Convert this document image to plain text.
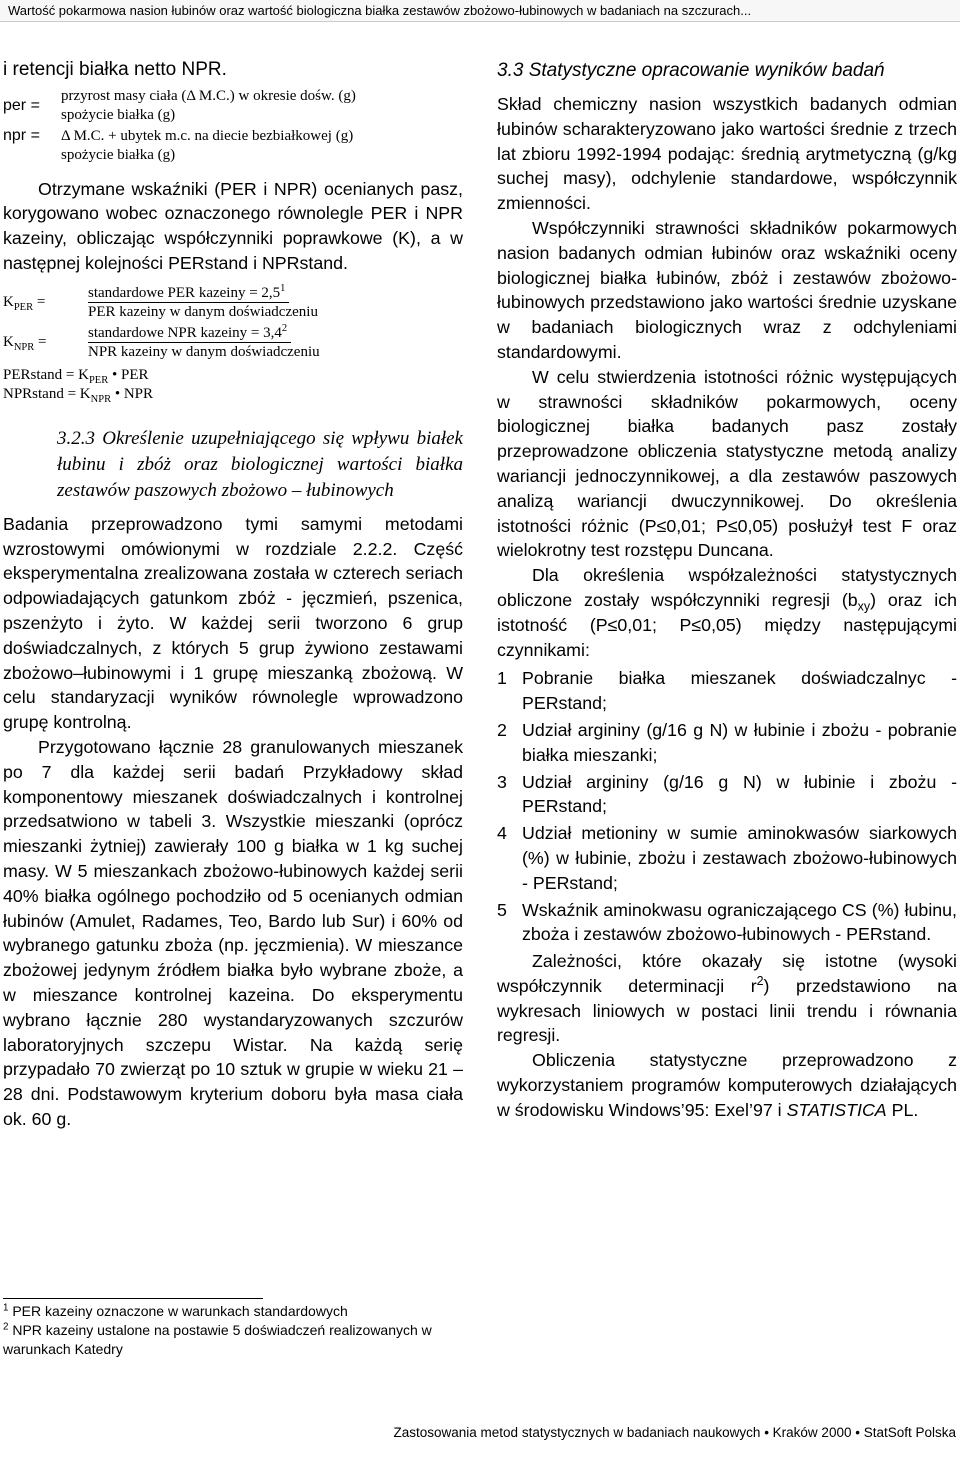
Wartość pokarmowa nasion łubinów oraz wartość biologiczna białka zestawów zbożowo-łubinowych w badaniach na szczurach...

i retencji białka netto NPR.

per =
przyrost masy ciała (Δ M.C.) w okresie dośw. (g)
spożycie białka (g)
npr = Δ M.C. + ubytek m.c. na diecie bezbiałkowej (g)
spożycie białka (g)

Otrzymane wskaźniki (PER i NPR) ocenianych pasz, korygowano wobec oznaczonego równolegle PER i NPR kazeiny, obliczając współczynniki poprawkowe (K), a w następnej kolejności PERstand i NPRstand.

$K_{PER}$ =
standardowe PER kazeiny = $2,5^1$
PER kazeiny w danym doświadczeniu
$K_{NPR}$ =
standardowe NPR kazeiny = $3,4^2$
NPR kazeiny w danym doświadczeniu

PERstand = $K_{PER}$ • PER

NPRstand = $K_{NPR}$ • NPR

3.2.3 Określenie uzupełniającego się wpływu białek łubinu i zbóż oraz biologicznej wartości białka zestawów paszowych zbożowo – łubinowych

Badania przeprowadzono tymi samymi metodami wzrostowymi omówionymi w rozdziale 2.2.2. Część eksperymentalna zrealizowana została w czterech seriach odpowiadających gatunkom zbóż - jęczmień, pszenica, pszenżyto i żyto. W każdej serii tworzono 6 grup doświadczalnych, z których 5 grup żywiono zestawami zbożowo–łubinowymi i 1 grupę mieszanką zbożową. W celu standaryzacji wyników równolegle wprowadzono grupę kontrolną.

Przygotowano łącznie 28 granulowanych mieszanek po 7 dla każdej serii badań Przykładowy skład komponentowy mieszanek doświadczalnych i kontrolnej przedsatwiono w tabeli 3. Wszystkie mieszanki (oprócz mieszanki żytniej) zawierały 100 g białka w 1 kg suchej masy. W 5 mieszankach zbożowo-łubinowych każdej serii 40% białka ogólnego pochodziło od 5 ocenianych odmian łubinów (Amulet, Radames, Teo, Bardo lub Sur) i 60% od wybranego gatunku zboża (np. jęczmienia). W mieszance zbożowej jedynym źródłem białka było wybrane zboże, a w mieszance kontrolnej kazeina. Do eksperymentu wybrano łącznie 280 wystandaryzowanych szczurów laboratoryjnych szczepu Wistar. Na każdą serię przypadało 70 zwierząt po 10 sztuk w grupie w wieku 21 – 28 dni. Podstawowym kryterium doboru była masa ciała ok. 60 g.

$^1$ PER kazeiny oznaczone w warunkach standardowych

$^2$ NPR kazeiny ustalone na postawie 5 doświadczeń realizowanych w warunkach Katedry

3.3 Statystyczne opracowanie wyników badań

Skład chemiczny nasion wszystkich badanych odmian łubinów scharakteryzowano jako wartości średnie z trzech lat zbioru 1992-1994 podając: średnią arytmetyczną (g/kg suchej masy), odchylenie standardowe, współczynnik zmienności.

Współczynniki strawności składników pokarmowych nasion badanych odmian łubinów oraz wskaźniki oceny biologicznej białka łubinów, zbóż i zestawów zbożowo-łubinowych przedstawiono jako wartości średnie uzyskane w badaniach biologicznych wraz z odchyleniami standardowymi.

W celu stwierdzenia istotności różnic występujących w strawności składników pokarmowych, oceny biologicznej białka badanych pasz zostały przeprowadzone obliczenia statystyczne metodą analizy wariancji jednoczynnikowej, a dla zestawów paszowych analizą wariancji dwuczynnikowej. Do określenia istotności różnic (P≤0,01; P≤0,05) posłużył test F oraz wielokrotny test rozstępu Duncana.

Dla określenia współzależności statystycznych obliczone zostały współczynniki regresji $(b_{xy})$ oraz ich istotność (P≤0,01; P≤0,05) między następującymi czynnikami:

1 Pobranie białka mieszanek doświadczalnyc - PERstand;
2 Udział argininy (g/16 g N) w łubinie i zbożu - pobranie białka mieszanki;
3 Udział argininy (g/16 g N) w łubinie i zbożu - PERstand;
4 Udział metioniny w sumie aminokwasów siarkowych (%) w łubinie, zbożu i zestawach zbożowo-łubinowych - PERstand;
5 Wskaźnik aminokwasu ograniczającego CS (%) łubinu, zboża i zestawów zbożowo-łubinowych - PERstand.

Zależności, które okazały się istotne (wysoki współczynnik determinacji $r^2$) przedstawiono na wykresach liniowych w postaci linii trendu i równania regresji.

Obliczenia statystyczne przeprowadzono z wykorzystaniem programów komputerowych działających w środowisku Windows’95: Exel’97 i STATISTICA PL.

Zastosowania metod statystycznych w badaniach naukowych • Kraków 2000 • StatSoft Polska
